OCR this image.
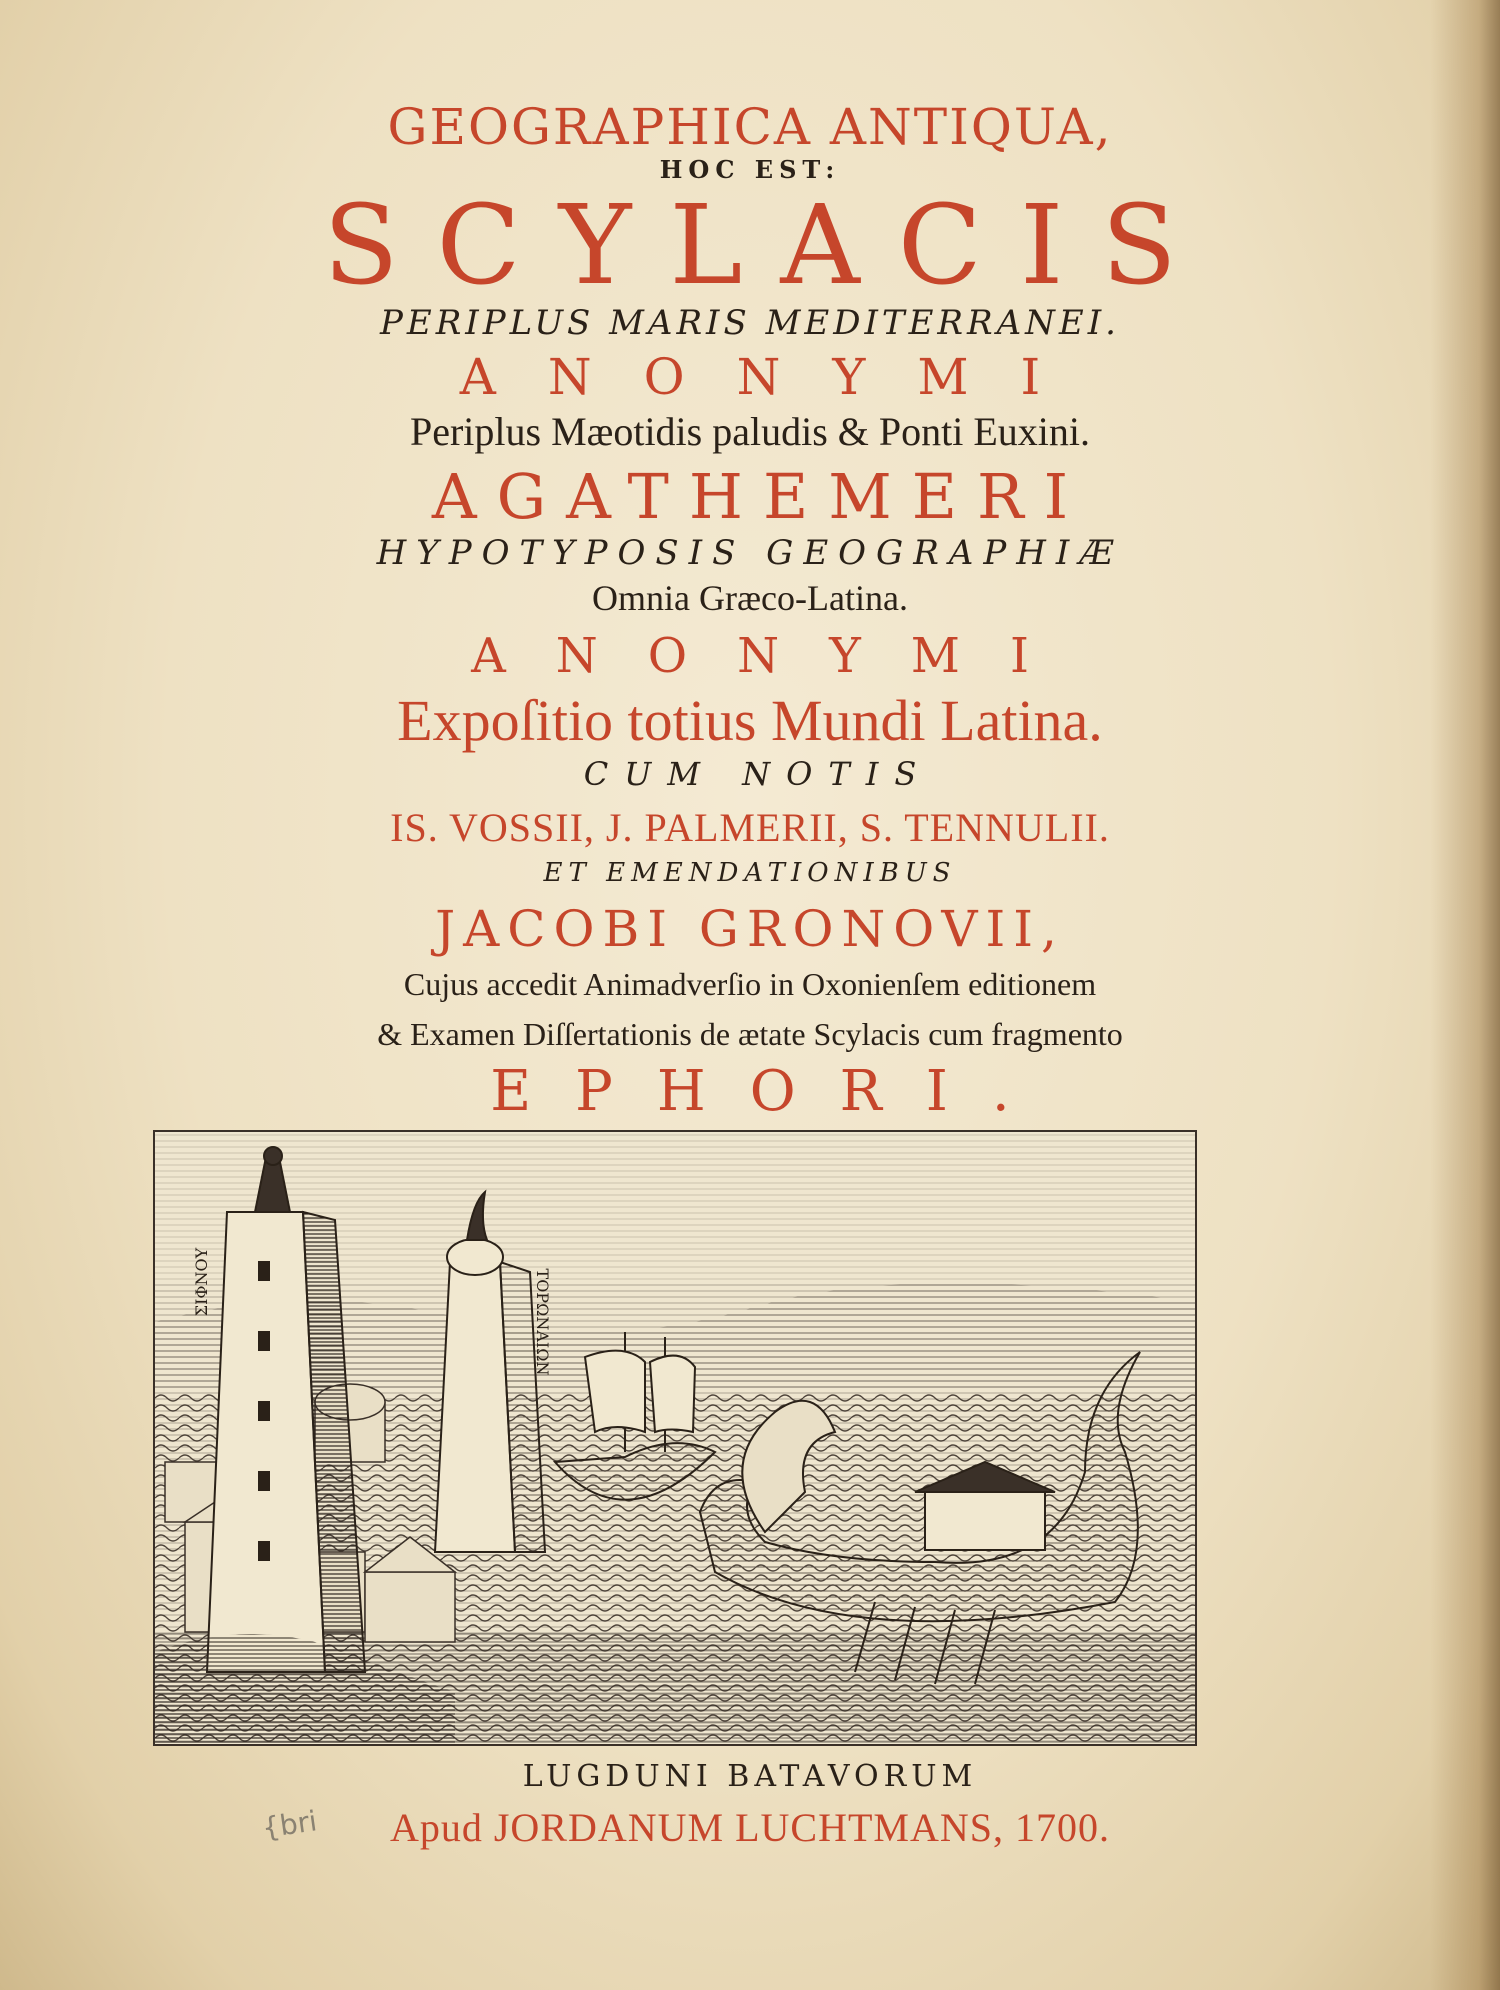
GEOGRAPHICA ANTIQUA,
HOC EST:
SCYLACIS
PERIPLUS MARIS MEDITERRANEI.
ANONYMI
Periplus Mæotidis paludis & Ponti Euxini.
AGATHEMERI
HYPOTYPOSIS GEOGRAPHIÆ
Omnia Græco-Latina.
ANONYMI
Expoſitio totius Mundi Latina.
CUM NOTIS
IS. VOSSII, J. PALMERII, S. TENNULII.
ET EMENDATIONIBUS
JACOBI GRONOVII,
Cujus accedit Animadverſio in Oxonienſem editionem
& Examen Diſſertationis de ætate Scylacis cum fragmento
EPHORI.
ΣΙΦΝΟΥ	ΤΟΡΩΝΑΙΩΝ
LUGDUNI BATAVORUM
Apud JORDANUM LUCHTMANS, 1700.
{bri
